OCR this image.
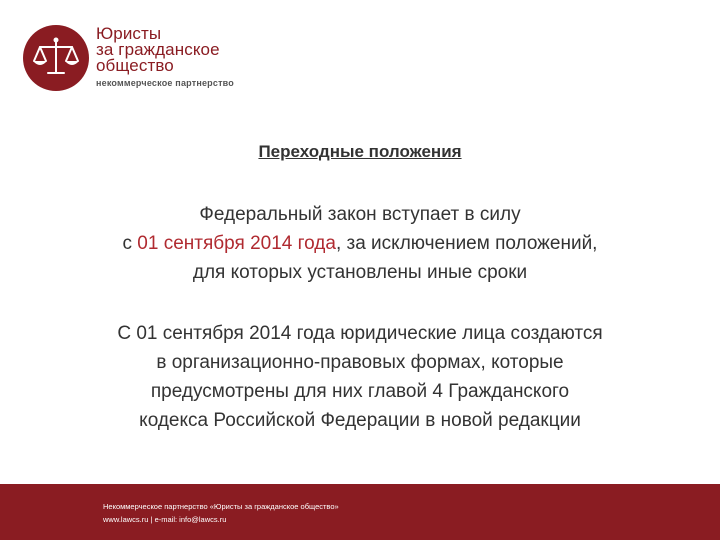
Юристы
за гражданское
общество
некоммерческое партнерство
Переходные положения
Федеральный закон вступает в силу
с 01 сентября 2014 года, за исключением положений,
для которых установлены иные сроки
С 01 сентября 2014 года юридические лица создаются
в организационно-правовых формах, которые
предусмотрены для них главой 4 Гражданского
кодекса Российской Федерации в новой редакции
Некоммерческое партнерство «Юристы за гражданское общество»
www.lawcs.ru | e-mail: info@lawcs.ru
